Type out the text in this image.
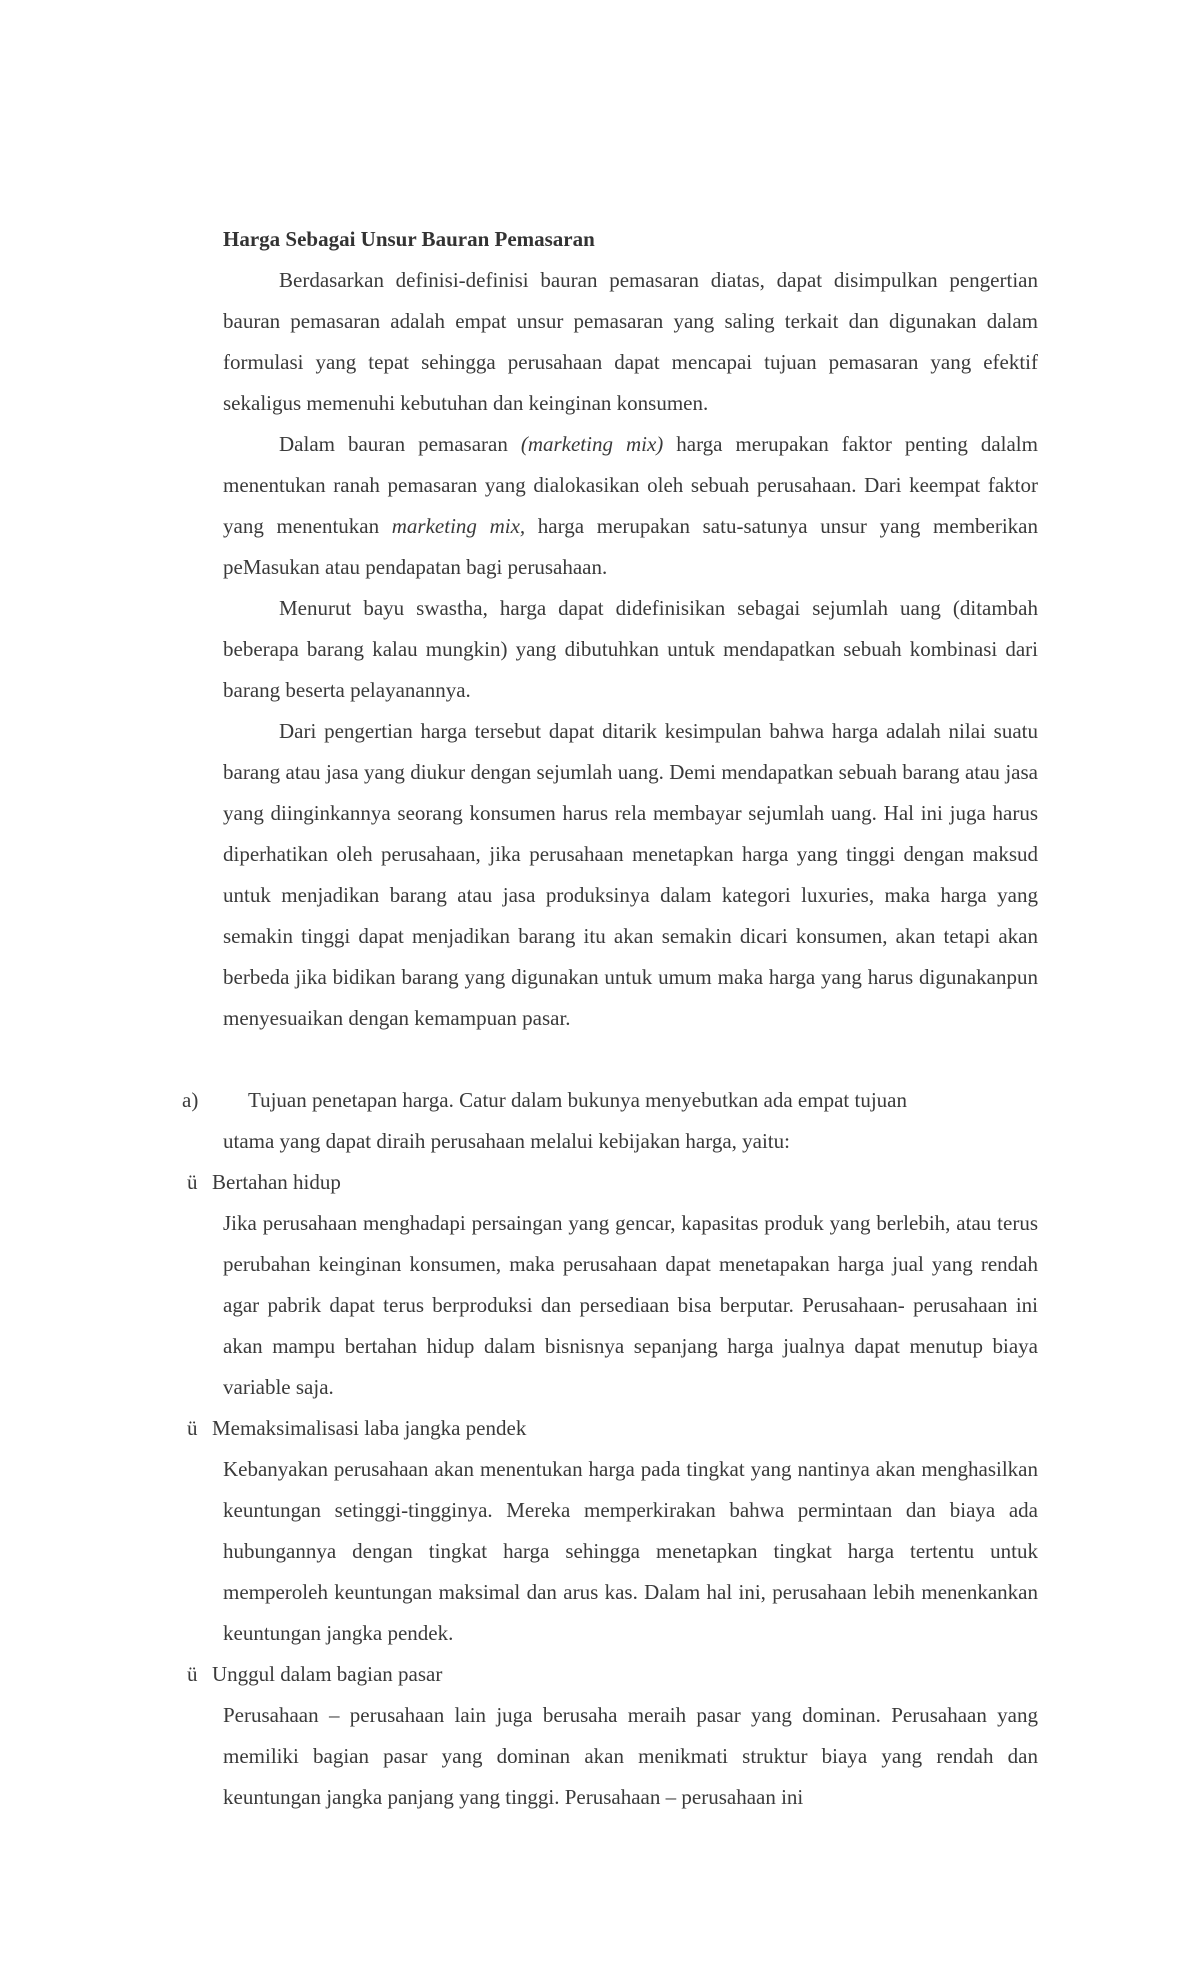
Harga Sebagai Unsur Bauran Pemasaran

Berdasarkan definisi-definisi bauran pemasaran diatas, dapat disimpulkan pengertian bauran pemasaran adalah empat unsur pemasaran yang saling terkait dan digunakan dalam formulasi yang tepat sehingga perusahaan dapat mencapai tujuan pemasaran yang efektif sekaligus memenuhi kebutuhan dan keinginan konsumen.

Dalam bauran pemasaran (marketing mix) harga merupakan faktor penting dalalm menentukan ranah pemasaran yang dialokasikan oleh sebuah perusahaan. Dari keempat faktor yang menentukan marketing mix, harga merupakan satu-satunya unsur yang memberikan peMasukan atau pendapatan bagi perusahaan.

Menurut bayu swastha, harga dapat didefinisikan sebagai sejumlah uang (ditambah beberapa barang kalau mungkin) yang dibutuhkan untuk mendapatkan sebuah kombinasi dari barang beserta pelayanannya.

Dari pengertian harga tersebut dapat ditarik kesimpulan bahwa harga adalah nilai suatu barang atau jasa yang diukur dengan sejumlah uang. Demi mendapatkan sebuah barang atau jasa yang diinginkannya seorang konsumen harus rela membayar sejumlah uang. Hal ini juga harus diperhatikan oleh perusahaan, jika perusahaan menetapkan harga yang tinggi dengan maksud untuk menjadikan barang atau jasa produksinya dalam kategori luxuries, maka harga yang semakin tinggi dapat menjadikan barang itu akan semakin dicari konsumen, akan tetapi akan berbeda jika bidikan barang yang digunakan untuk umum maka harga yang harus digunakanpun menyesuaikan dengan kemampuan pasar.

a) Tujuan penetapan harga. Catur dalam bukunya menyebutkan ada empat tujuan

utama yang dapat diraih perusahaan melalui kebijakan harga, yaitu:

ü Bertahan hidup

Jika perusahaan menghadapi persaingan yang gencar, kapasitas produk yang berlebih, atau terus perubahan keinginan konsumen, maka perusahaan dapat menetapakan harga jual yang rendah agar pabrik dapat terus berproduksi dan persediaan bisa berputar. Perusahaan- perusahaan ini akan mampu bertahan hidup dalam bisnisnya sepanjang harga jualnya dapat menutup biaya variable saja.

ü Memaksimalisasi laba jangka pendek

Kebanyakan perusahaan akan menentukan harga pada tingkat yang nantinya akan menghasilkan keuntungan setinggi-tingginya. Mereka memperkirakan bahwa permintaan dan biaya ada hubungannya dengan tingkat harga sehingga menetapkan tingkat harga tertentu untuk memperoleh keuntungan maksimal dan arus kas. Dalam hal ini, perusahaan lebih menenkankan keuntungan jangka pendek.

ü Unggul dalam bagian pasar

Perusahaan – perusahaan lain juga berusaha meraih pasar yang dominan. Perusahaan yang memiliki bagian pasar yang dominan akan menikmati struktur biaya yang rendah dan keuntungan jangka panjang yang tinggi. Perusahaan – perusahaan ini
